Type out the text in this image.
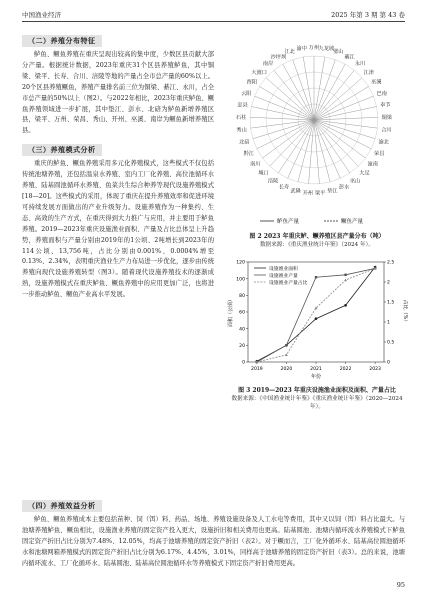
中国渔业经济	2025 年第 3 期 第 43 卷
（二）养殖分布特征

鲈鱼、鳜鱼养殖在重庆呈现出较高的集中度，少数区县贡献大部分产量。根据统计数据，2023年重庆31个区县养殖鲈鱼，其中铜梁、梁平、长寿、合川、涪陵等地的产量占全市总产量的60%以上。20个区县养殖鳜鱼，养殖产量排名前三位为铜梁、綦江、永川，占全市总产量的50%以上（图2）。与2022年相比，2023年重庆鲈鱼、鳜鱼养殖领域进一步扩展，其中垫江、彭水、北碚为鲈鱼新增养殖区县，梁平、万州、荣昌、秀山、开州、巫溪、南岸为鳜鱼新增养殖区县。

（三）养殖模式分析

重庆的鲈鱼、鳜鱼养殖采用多元化养殖模式，这些模式不仅包括传统池塘养殖，还包括温泉水养殖、室内工厂化养殖、高位池循环水养殖、陆基圆池循环水养殖、鱼菜共生综合种养等现代设施养殖模式[18—20]。这些模式的采用，体现了重庆在提升养殖效率和促进环境可持续发展方面做出的产业升级努力。设施养殖作为一种集约、生态、高效的生产方式，在重庆得到大力推广与应用，并主要用于鲈鱼养殖。2019—2023年重庆设施渔业面积、产量及占比总体呈上升趋势，养殖面积与产量分别由2019年的1公顷、2吨增长到2023年的114公顷、13,756吨，占比分别由0.001%、0.0004%增至0.13%、2.34%，表明重庆渔业生产力布局进一步优化，逐步由传统养殖向现代设施养殖转型（图3）。随着现代设施养殖技术的逐渐成熟，设施养殖模式在重庆鲈鱼、鳜鱼养殖中的应用更加广泛，也将进一步推动鲈鱼、鳜鱼产业高水平发展。

万州 九龙坡
璧山
綦江
永川
江津
巫溪
巴南
奉节
铜梁
合川
渝北
荣昌
潼南
大足
巫山
彭水
垫江
梁平
开州
武隆
长寿
涪陵
城口
南川
黔江
北碚
秀山
石柱
忠县
云阳
酉阳
大渡口
南岸
沙坪坝
江北
渝中
鲈鱼产量	鳜鱼产量
图 2 2023 年重庆鲈、鳜养殖区县产量分布（吨）
数据来源：《重庆渔业统计年鉴》（2024 年）。
0
20
40
60
80
100
120
0
0.5
1
1.5
2
2.5
2019	2020	2021	2022	2023
年份
面积（公顷）	占比（%）
设施渔业面积
设施渔业产量
设施渔业产量占比
图 3 2019—2023 年重庆设施渔业面积及面积、产量占比
数据来源：《中国渔业统计年鉴》《重庆渔业统计年鉴》（2020—2024 年）。
（四）养殖效益分析

鲈鱼、鳜鱼养殖成本主要包括苗种、饲（饵）料、药品、场地、养殖设施设备及人工水电等费用，其中又以饲（饵）料占比最大。与池塘养殖鲈鱼、鳜鱼相比，设施渔业养殖的固定资产投入更大，设施折旧和相关费用也更高。陆基圆池、池塘内循环流水养殖模式下鲈鱼固定资产折旧占比分别为7.48%、12.05%，均高于池塘养殖的固定资产折旧（表2）。对于鳜而言，工厂化外循环水、陆基高位圆池循环水和池塘网箱养殖模式的固定资产折旧占比分别为6.17%、4.45%、3.01%，同样高于池塘养殖的固定资产折旧（表3）。总的来说，池塘内循环流水、工厂化循环水、陆基圆池、陆基高位圆池循环水等养殖模式下固定资产折旧费用更高。

95
